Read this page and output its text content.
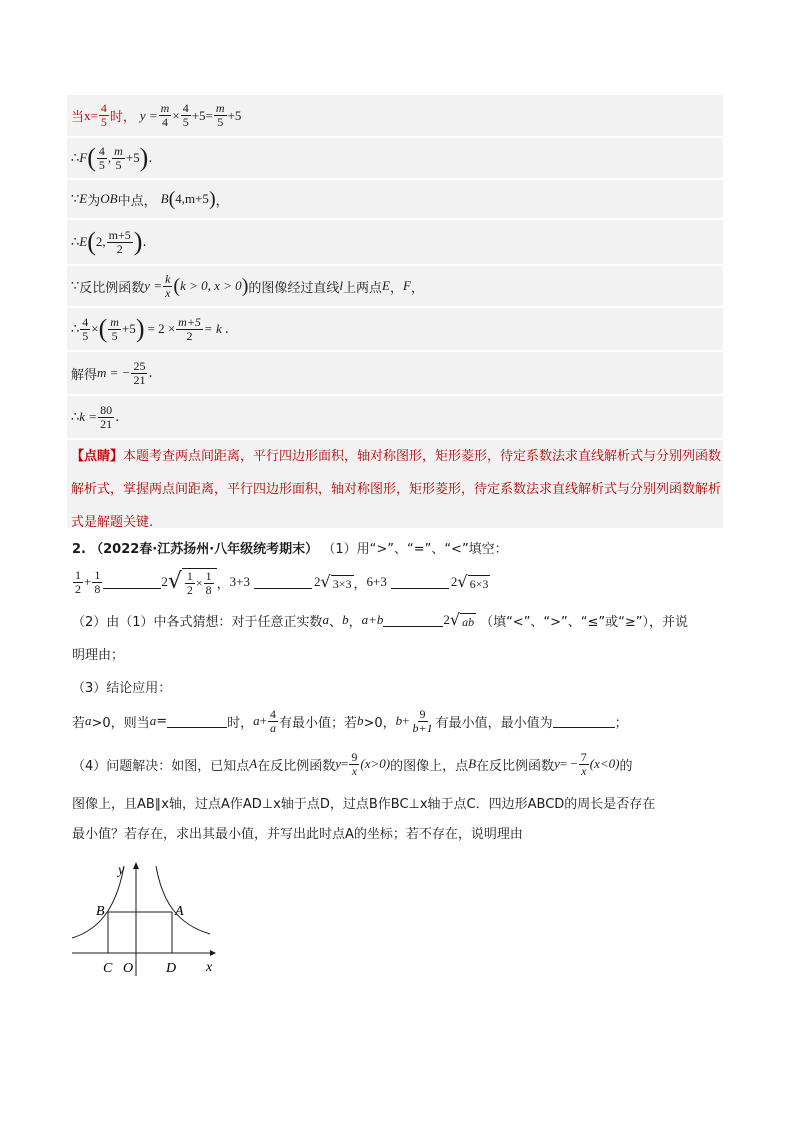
当 $x= \frac{4}{5}$ 时， $y = \frac{m}{4} \times \frac{4}{5} +5= \frac{m}{5} +5$
∴ F ( $\frac{4}{5}$ , $\frac{m}{5} +5$ ) .
∵ E 为 OB 中点， B ( 4,m+5 ) ，
∴ E ( 2, $\frac{m+5}{2}$ ) .
∵ 反比例函数 $y = \frac{k}{x}$ ( k > 0, x > 0 ) 的图像经过直线 l 上两点 E ， F ，
∴ $\frac{4}{5}$ × ( $\frac{m}{5} +5$ ) = $2 \times \frac{m+5}{2} = k$ .
解得 m = − $\frac{25}{21}$ .
∴ $k = \frac{80}{21}$ .
【点睛】本题考查两点间距离，平行四边形面积，轴对称图形，矩形菱形，待定系数法求直线解析式与分别列函数解析式，掌握两点间距离，平行四边形面积，轴对称图形，矩形菱形，待定系数法求直线解析式与分别列函数解析式是解题关键.
2. （2022春·江苏扬州·八年级统考期末） （1）用“>”、“=”、“<”填空：
$\frac{1}{2} + \frac{1}{8}$	2 √ $\frac{1}{2} \times \frac{1}{8}$ ， 3+3	2 √ 3×3 ， 6+3	2 √ 6×3
（2）由（1）中各式猜想：对于任意正实数 a 、 b ， a+b	2 √ ab （填“<”、“>”、“≤”或“≥”），并说
明理由；
（3）结论应用：
若 a >0，则当 a =	时， $a + \frac{4}{a}$ 有最小值；若 b >0， $b + \frac{9}{b+1}$ 有最小值，最小值为	；
（4）问题解决：如图，已知点 A 在反比例函数 $y = \frac{9}{x} (x>0)$ 的图像上，点 B 在反比例函数 y = − $\frac{7}{x} (x<0)$ 的
图像上，且AB∥x轴，过点A作AD⊥x轴于点D，过点B作BC⊥x轴于点C．四边形ABCD的周长是否存在
最小值？若存在，求出其最小值，并写出此时点A的坐标；若不存在，说明理由
y
x
B	A
C O D
